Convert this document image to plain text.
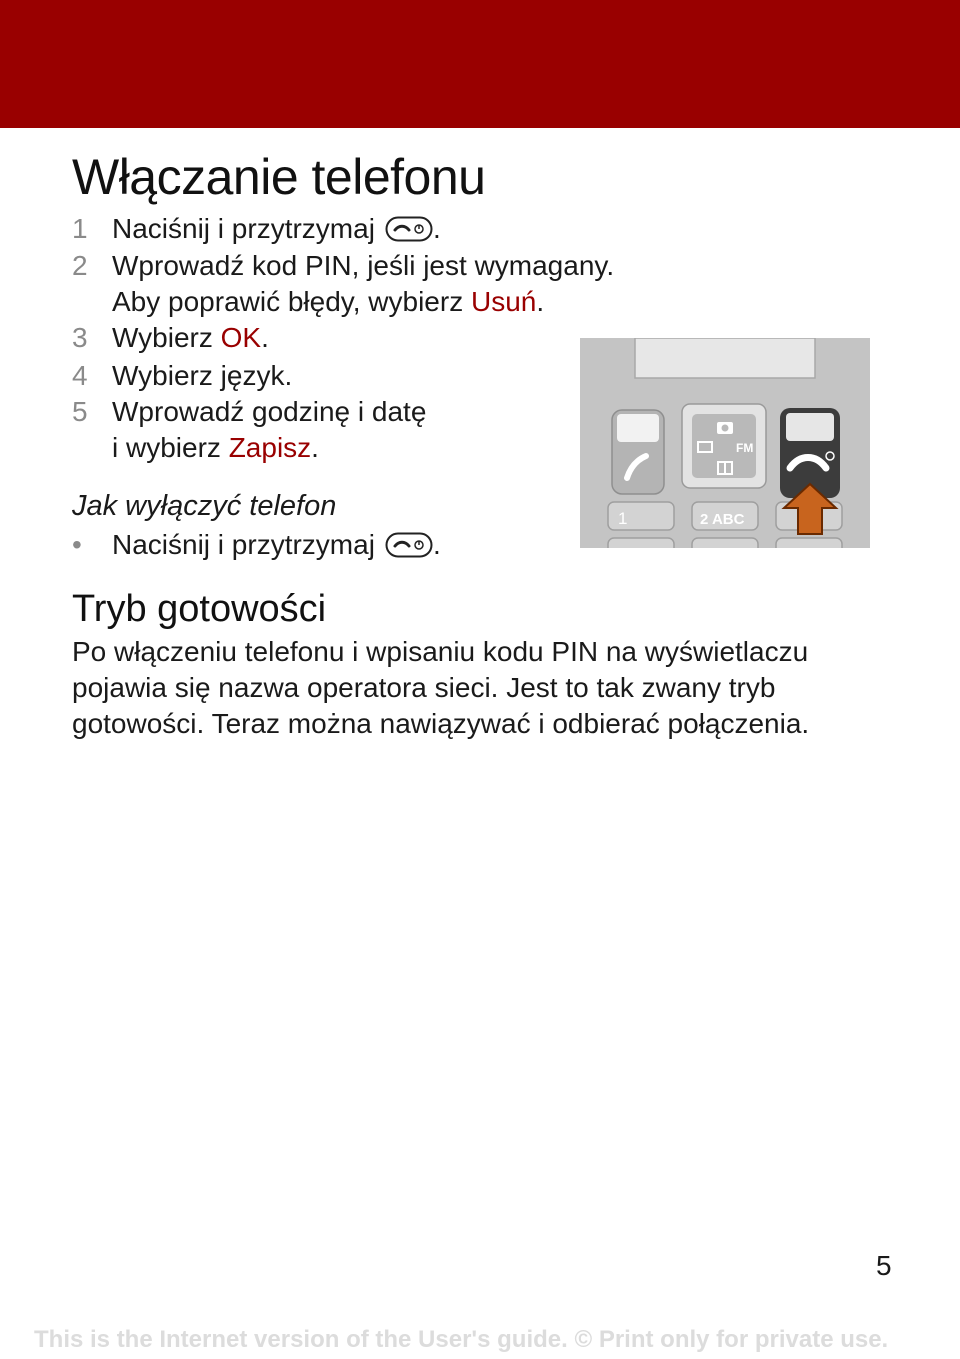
Włączanie telefonu
1 Naciśnij i przytrzymaj .
2 Wprowadź kod PIN, jeśli jest wymagany.
Aby poprawić błędy, wybierz Usuń.
3 Wybierz OK.
4 Wybierz język.
5 Wprowadź godzinę i datę
i wybierz Zapisz.
Jak wyłączyć telefon
• Naciśnij i przytrzymaj .
FM
1	2 ABC
Tryb gotowości

Po włączeniu telefonu i wpisaniu kodu PIN na wyświetlaczu
pojawia się nazwa operatora sieci. Jest to tak zwany tryb
gotowości. Teraz można nawiązywać i odbierać połączenia.

5
This is the Internet version of the User's guide. © Print only for private use.
